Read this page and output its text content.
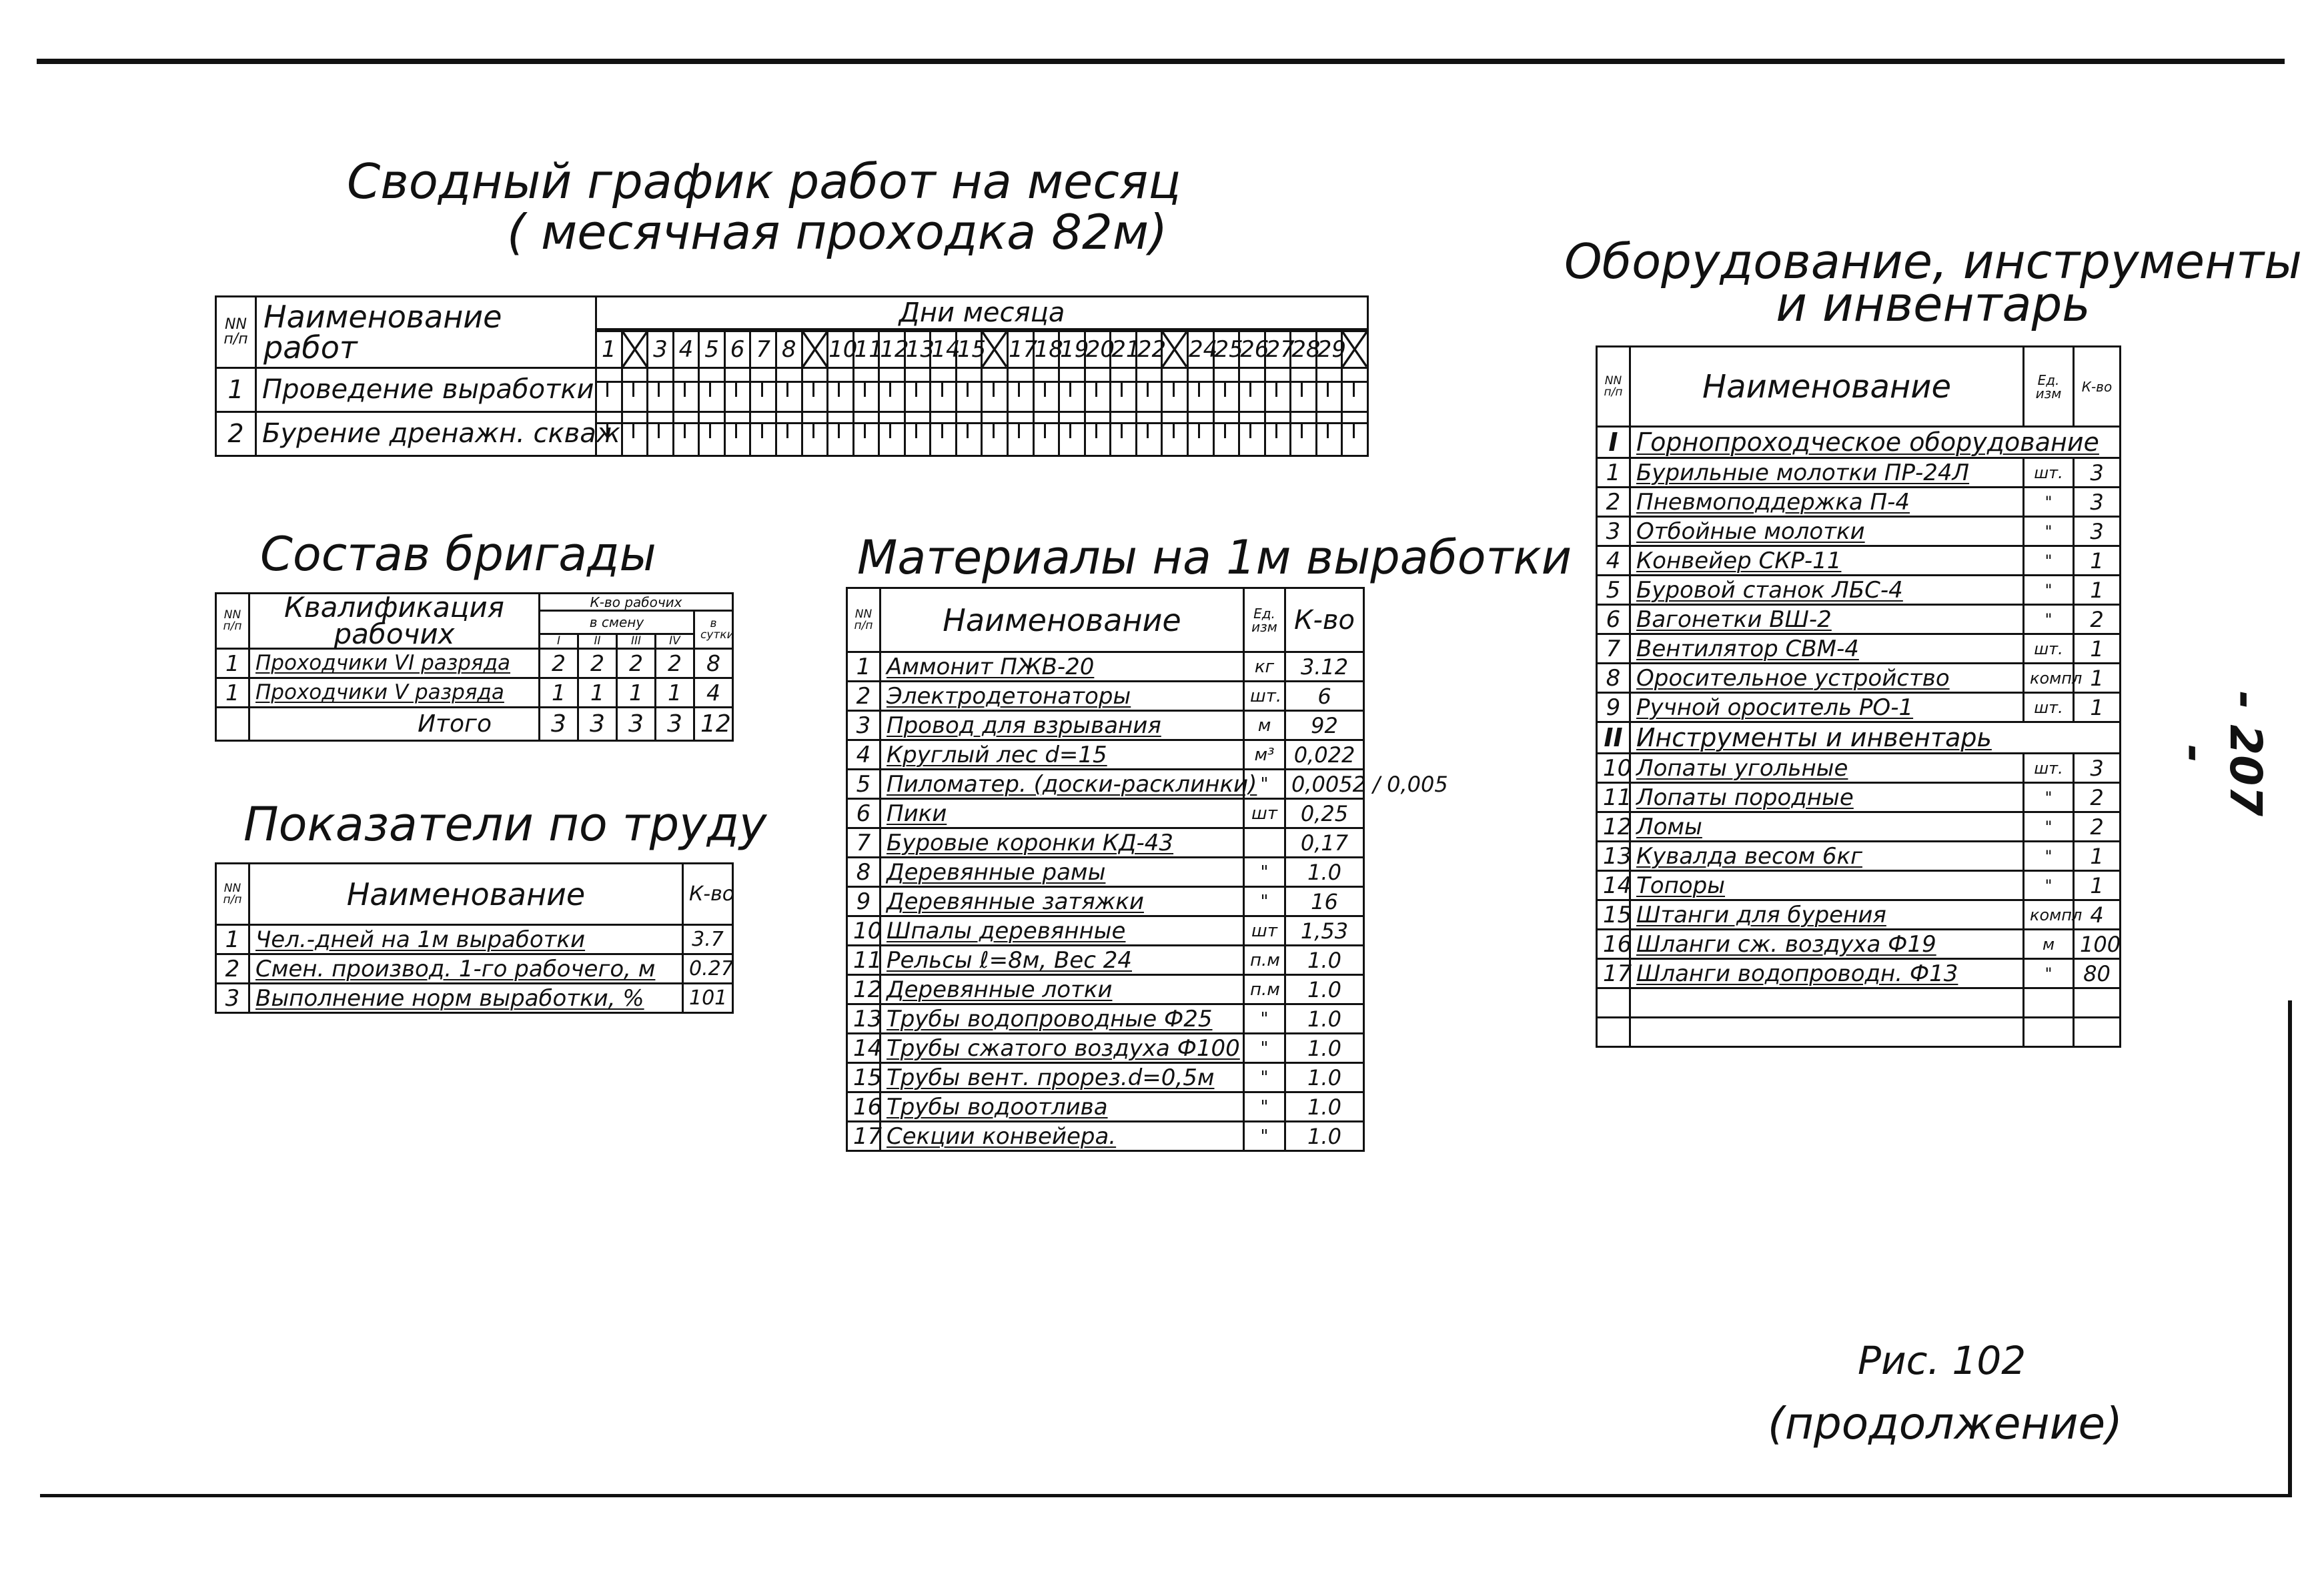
- 207 -
Сводный график работ на месяц
( месячная проходка 82м)
NN п/п	Наименование работ	Дни месяца																													
		1		3	4	5	6	7	8		10	11	12	13	14	15		17	18	19	20	21	22		24	25	26	27	28	29	

1	Проведение выработки	

2	Бурение дренажн. скваж	

Состав бригады
NN п/п	Квалификация рабочих	К-во рабочих				
		в смену				в сутки
		I	II	III	IV	
1	Проходчики VI разряда	2	2	2	2	8
1	Проходчики V разряда	1	1	1	1	4
	Итого	3	3	3	3	12
Показатели по труду
NN п/п	Наименование	К-во
1	Чел.-дней на 1м выработки	3.7
2	Смен. производ. 1-го рабочего, м	0.27
3	Выполнение норм выработки, %	101
Материалы на 1м выработки
NN п/п	Наименование	Ед. изм	К-во
1	Аммонит ПЖВ-20	кг	3.12
2	Электродетонаторы	шт.	6
3	Провод для взрывания	м	92
4	Круглый лес d=15	м³	0,022
5	Пиломатер. (доски-расклинки)	"	0,0052 / 0,005
6	Пики	шт	0,25
7	Буровые коронки КД-43		0,17
8	Деревянные рамы	"	1.0
9	Деревянные затяжки	"	16
10	Шпалы деревянные	шт	1,53
11	Рельсы ℓ=8м, Вес 24	п.м	1.0
12	Деревянные лотки	п.м	1.0
13	Трубы водопроводные Ф25	"	1.0
14	Трубы сжатого воздуха Ф100	"	1.0
15	Трубы вент. прорез.d=0,5м	"	1.0
16	Трубы водоотлива	"	1.0
17	Секции конвейера.	"	1.0
Оборудование, инструменты
и инвентарь
NN п/п	Наименование	Ед. изм	К-во
I	Горнопроходческое оборудование		
1	Бурильные молотки ПР-24Л	шт.	3
2	Пневмоподдержка П-4	"	3
3	Отбойные молотки	"	3
4	Конвейер СКР-11	"	1
5	Буровой станок ЛБС-4	"	1
6	Вагонетки ВШ-2	"	2
7	Вентилятор СВМ-4	шт.	1
8	Оросительное устройство	компл	1
9	Ручной ороситель РО-1	шт.	1
II	Инструменты и инвентарь		
10	Лопаты угольные	шт.	3
11	Лопаты породные	"	2
12	Ломы	"	2
13	Кувалда весом 6кг	"	1
14	Топоры	"	1
15	Штанги для бурения	компл	4
16	Шланги сж. воздуха Ф19	м	100
17	Шланги водопроводн. Ф13	"	80

Рис. 102
(продолжение)
